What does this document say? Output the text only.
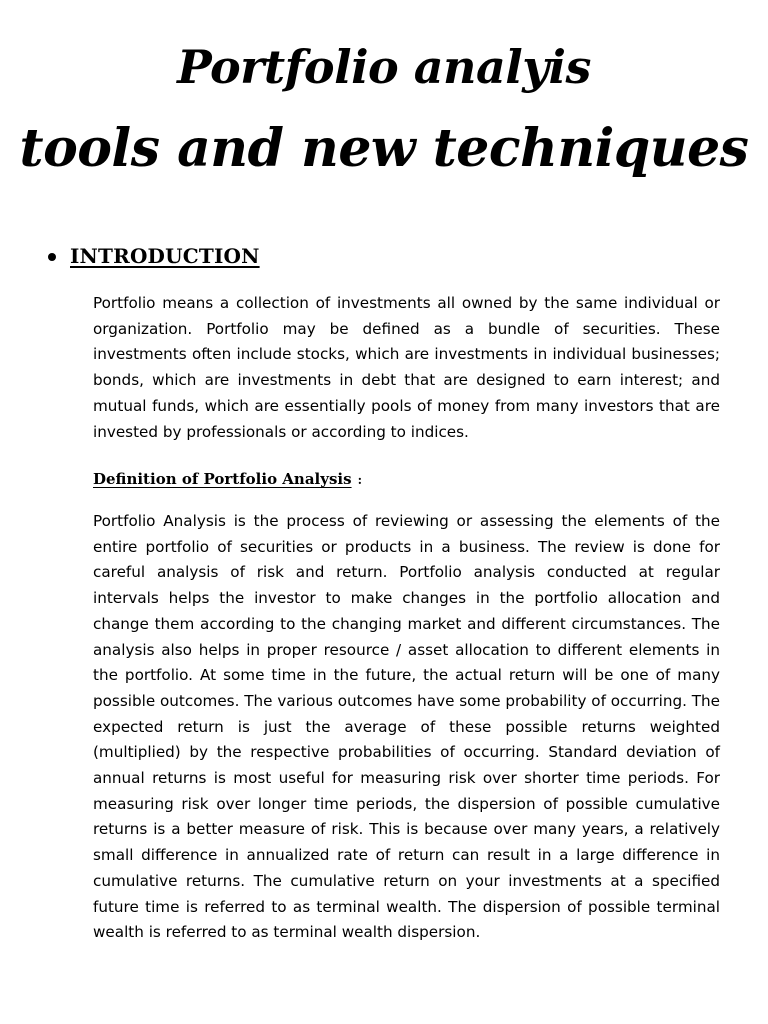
Portfolio analyis
tools and new techniques
INTRODUCTION

Portfolio means a collection of investments all owned by the same individual or organization. Portfolio may be defined as a bundle of securities. These investments often include stocks, which are investments in individual businesses; bonds, which are investments in debt that are designed to earn interest; and mutual funds, which are essentially pools of money from many investors that are invested by professionals or according to indices.

Definition of Portfolio Analysis :

Portfolio Analysis is the process of reviewing or assessing the elements of the entire portfolio of securities or products in a business. The review is done for careful analysis of risk and return. Portfolio analysis conducted at regular intervals helps the investor to make changes in the portfolio allocation and change them according to the changing market and different circumstances. The analysis also helps in proper resource / asset allocation to different elements in the portfolio. At some time in the future, the actual return will be one of many possible outcomes. The various outcomes have some probability of occurring. The expected return is just the average of these possible returns weighted (multiplied) by the respective probabilities of occurring. Standard deviation of annual returns is most useful for measuring risk over shorter time periods. For measuring risk over longer time periods, the dispersion of possible cumulative returns is a better measure of risk. This is because over many years, a relatively small difference in annualized rate of return can result in a large difference in cumulative returns. The cumulative return on your investments at a specified future time is referred to as terminal wealth. The dispersion of possible terminal wealth is referred to as terminal wealth dispersion.
